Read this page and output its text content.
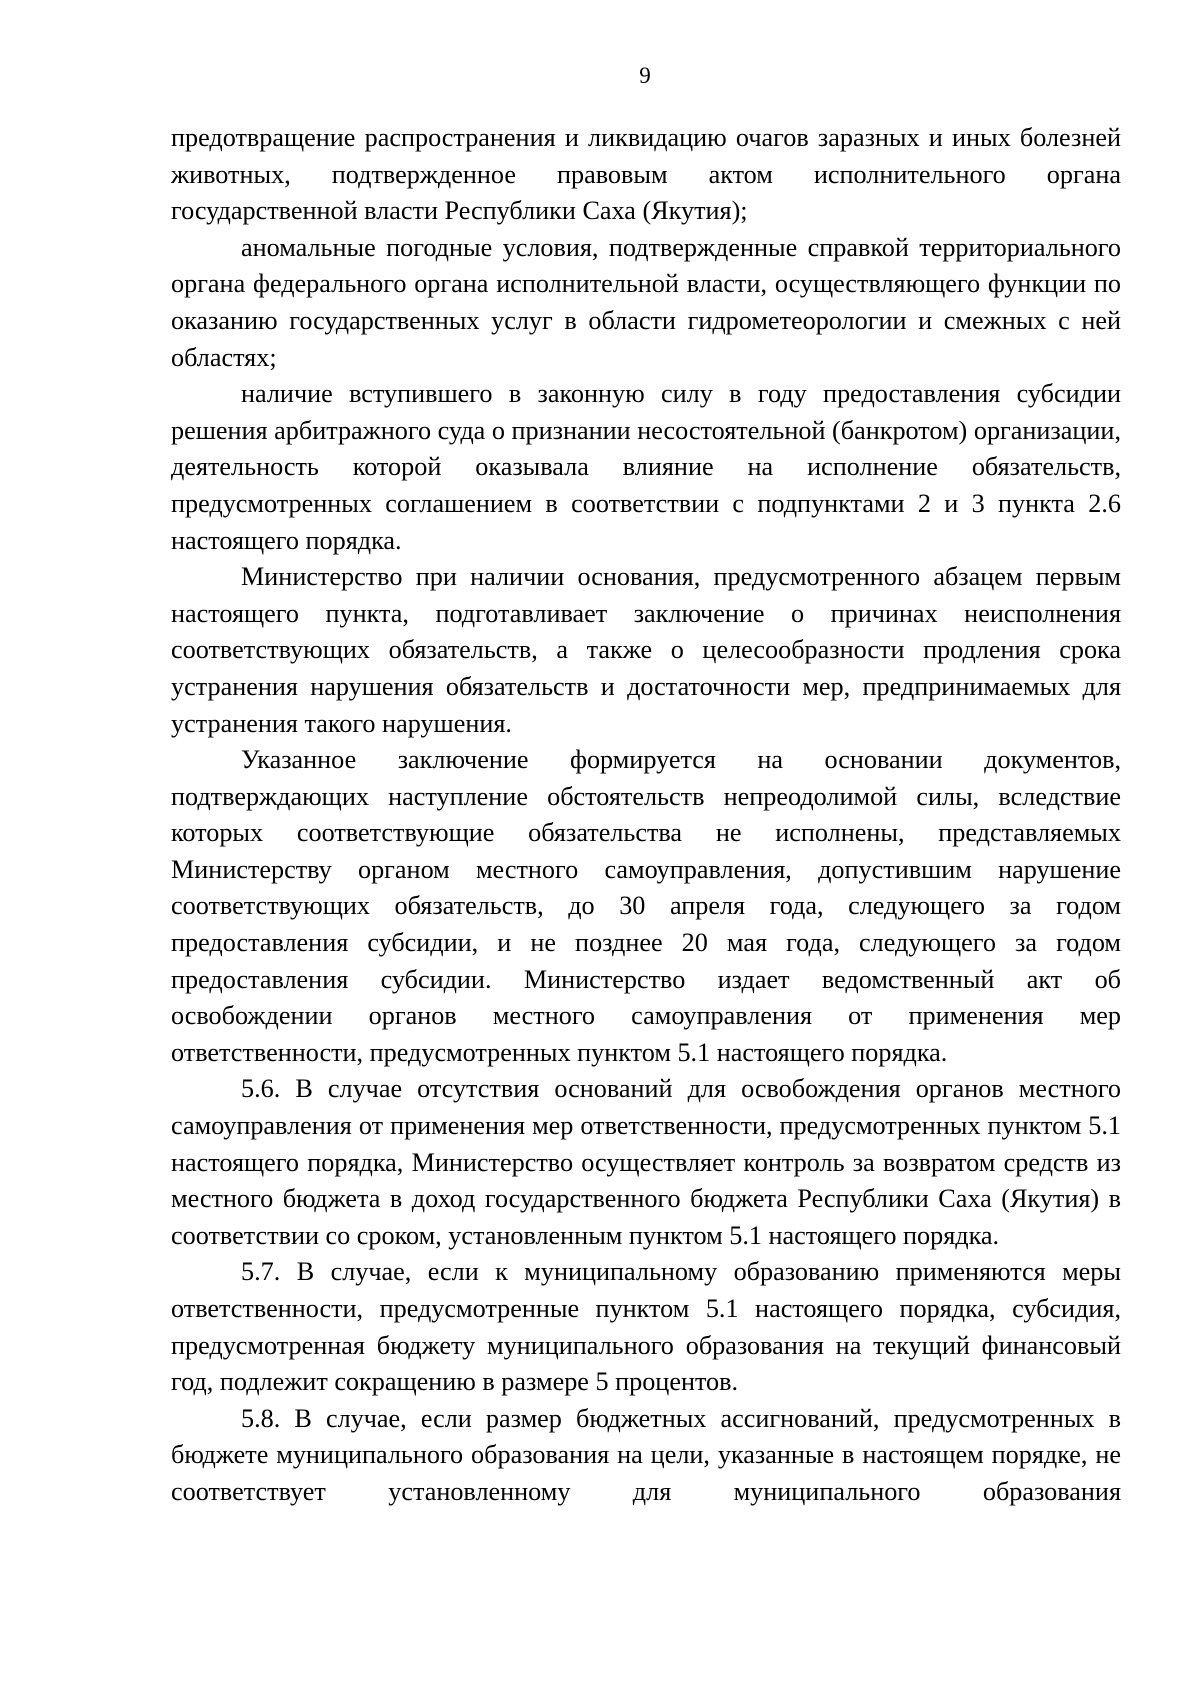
9

предотвращение распространения и ликвидацию очагов заразных и иных болезней животных, подтвержденное правовым актом исполнительного органа государственной власти Республики Саха (Якутия);

аномальные погодные условия, подтвержденные справкой территориального органа федерального органа исполнительной власти, осуществляющего функции по оказанию государственных услуг в области гидрометеорологии и смежных с ней областях;

наличие вступившего в законную силу в году предоставления субсидии решения арбитражного суда о признании несостоятельной (банкротом) организации, деятельность которой оказывала влияние на исполнение обязательств, предусмотренных соглашением в соответствии с подпунктами 2 и 3 пункта 2.6 настоящего порядка.

Министерство при наличии основания, предусмотренного абзацем первым настоящего пункта, подготавливает заключение о причинах неисполнения соответствующих обязательств, а также о целесообразности продления срока устранения нарушения обязательств и достаточности мер, предпринимаемых для устранения такого нарушения.

Указанное заключение формируется на основании документов, подтверждающих наступление обстоятельств непреодолимой силы, вследствие которых соответствующие обязательства не исполнены, представляемых Министерству органом местного самоуправления, допустившим нарушение соответствующих обязательств, до 30 апреля года, следующего за годом предоставления субсидии, и не позднее 20 мая года, следующего за годом предоставления субсидии. Министерство издает ведомственный акт об освобождении органов местного самоуправления от применения мер ответственности, предусмотренных пунктом 5.1 настоящего порядка.

5.6. В случае отсутствия оснований для освобождения органов местного самоуправления от применения мер ответственности, предусмотренных пунктом 5.1 настоящего порядка, Министерство осуществляет контроль за возвратом средств из местного бюджета в доход государственного бюджета Республики Саха (Якутия) в соответствии со сроком, установленным пунктом 5.1 настоящего порядка.

5.7. В случае, если к муниципальному образованию применяются меры ответственности, предусмотренные пунктом 5.1 настоящего порядка, субсидия, предусмотренная бюджету муниципального образования на текущий финансовый год, подлежит сокращению в размере 5 процентов.

5.8. В случае, если размер бюджетных ассигнований, предусмотренных в бюджете муниципального образования на цели, указанные в настоящем порядке, не соответствует установленному для муниципального образования
